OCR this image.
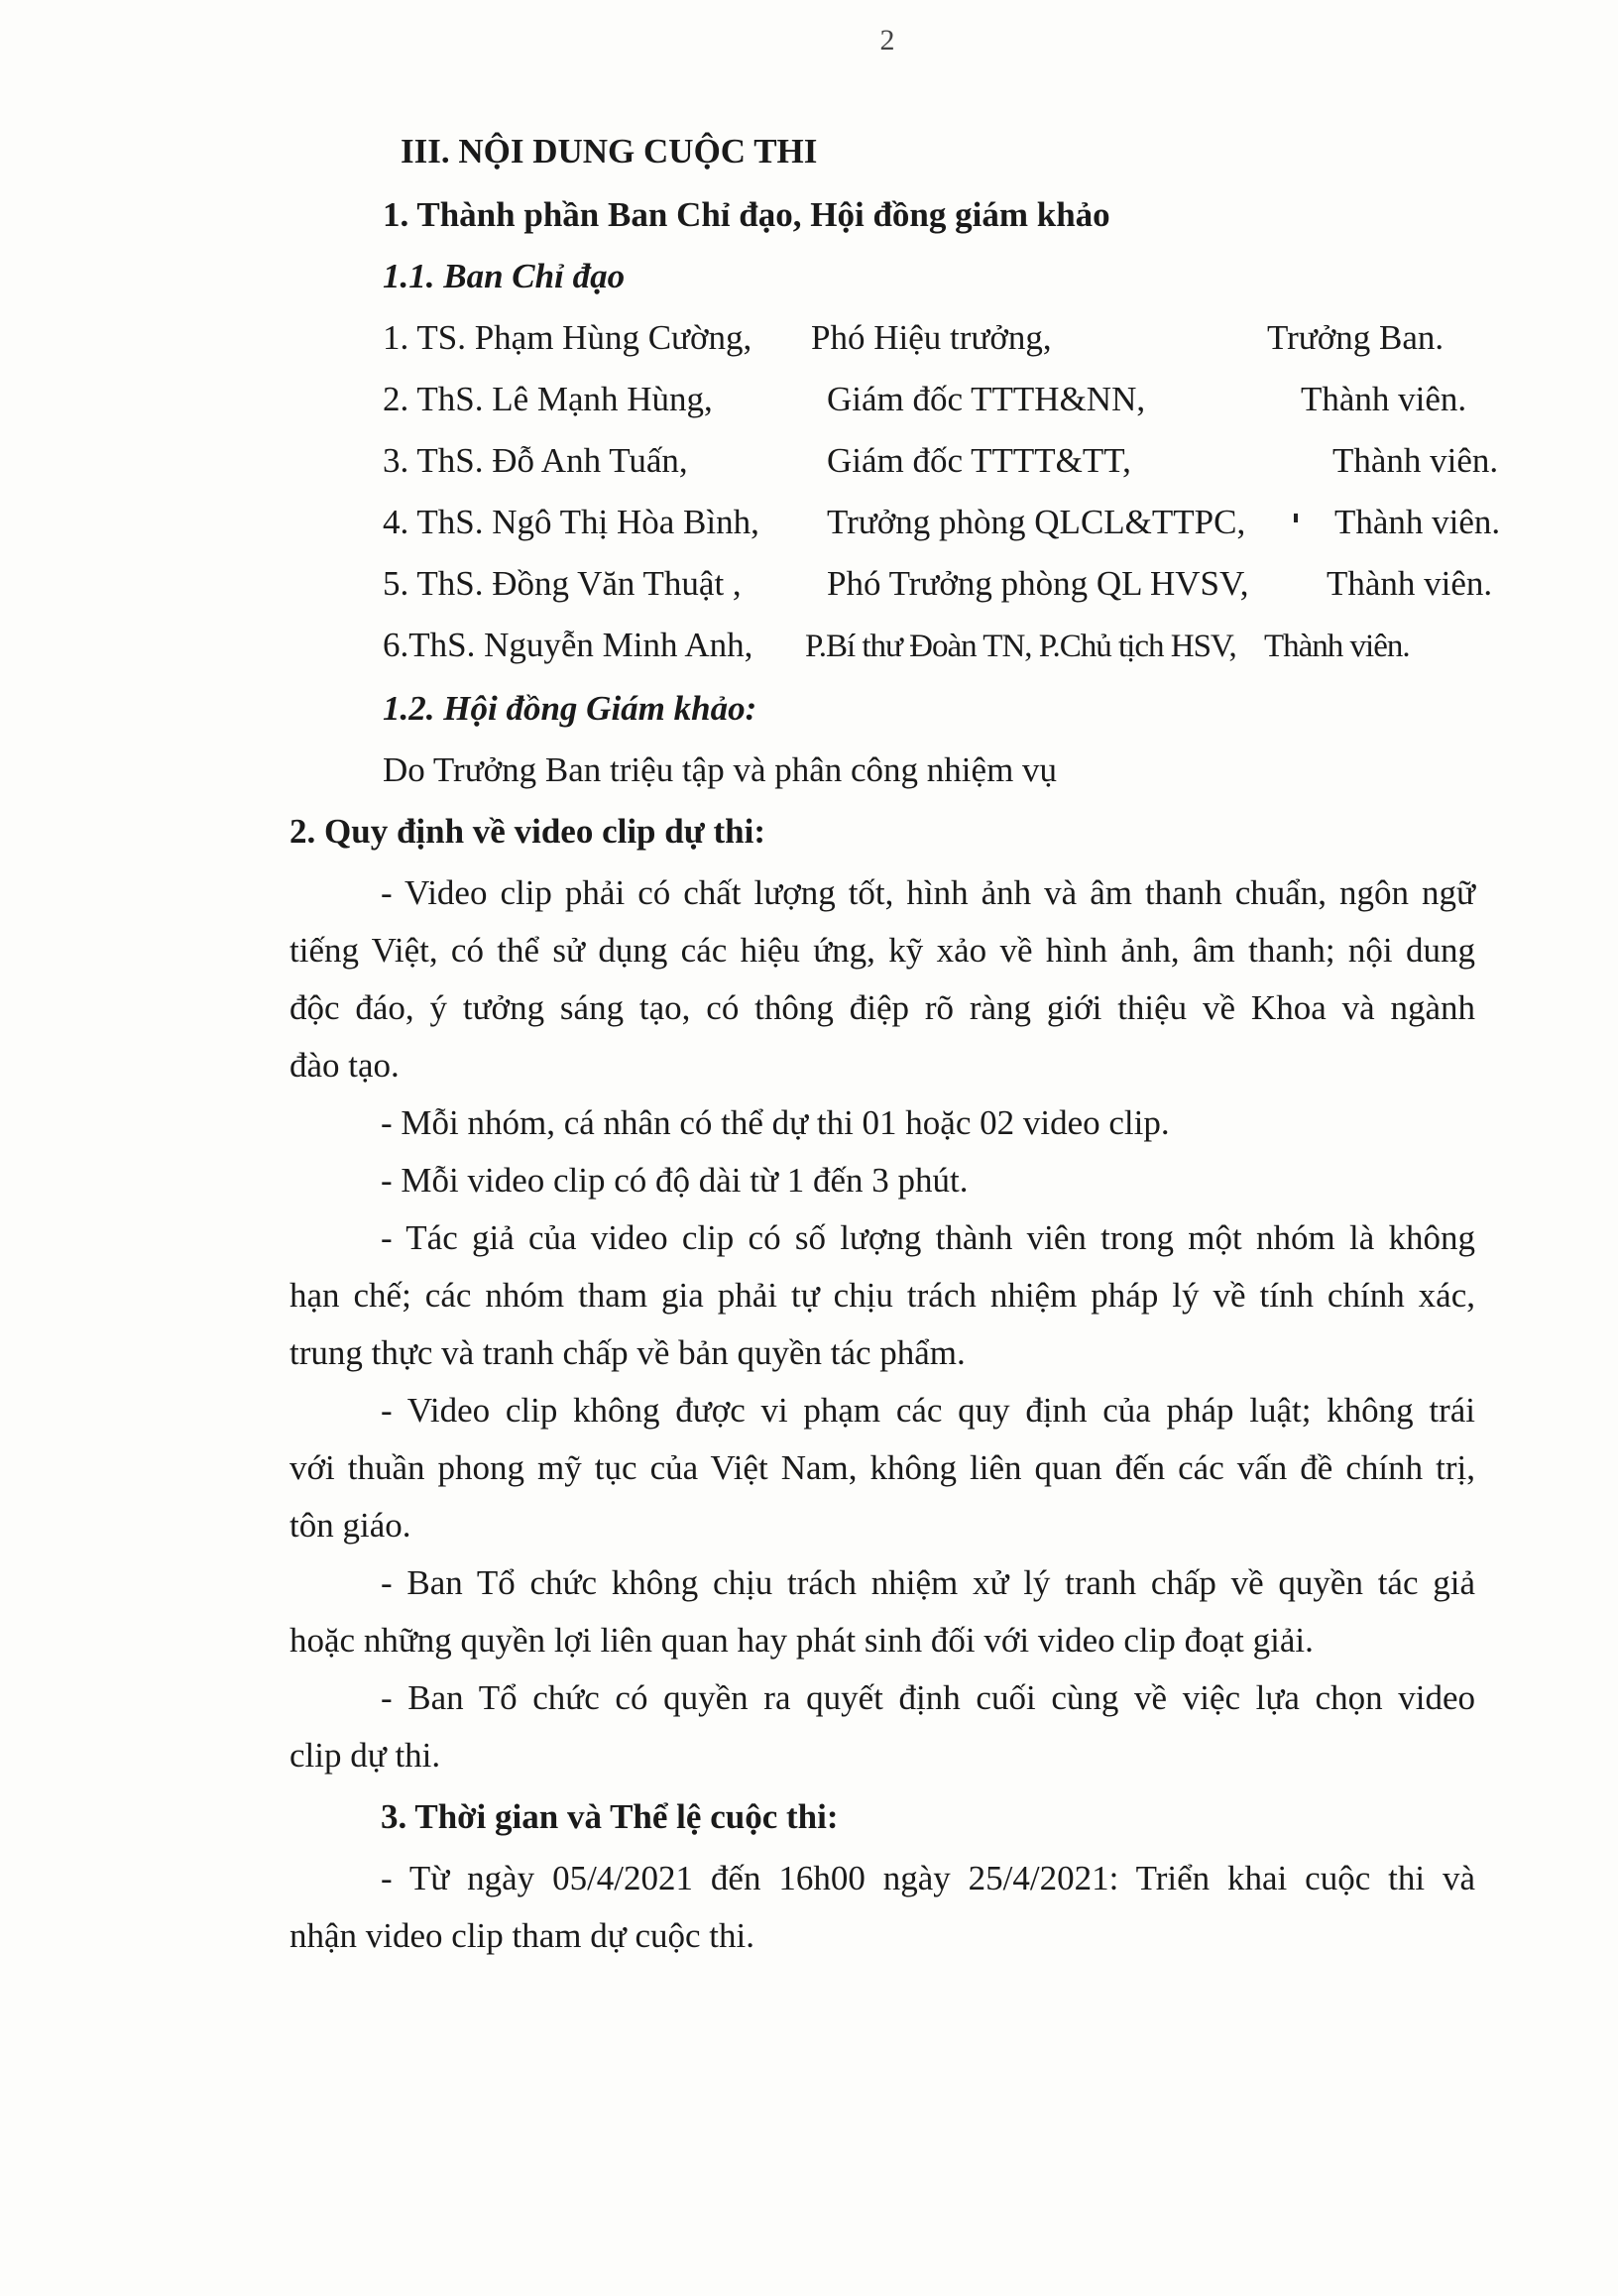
2
III. NỘI DUNG CUỘC THI
1. Thành phần Ban Chỉ đạo, Hội đồng giám khảo
1.1. Ban Chỉ đạo
1. TS. Phạm Hùng Cường, Phó Hiệu trưởng,	Trưởng Ban.
2. ThS. Lê Mạnh Hùng,	Giám đốc TTTH&NN,	Thành viên.
3. ThS. Đỗ Anh Tuấn,	Giám đốc TTTT&TT,	Thành viên.
4. ThS. Ngô Thị Hòa Bình, Trưởng phòng QLCL&TTPC,	Thành viên.
5. ThS. Đồng Văn Thuật , Phó Trưởng phòng QL HVSV, Thành viên.
6.ThS. Nguyễn Minh Anh, P.Bí thư Đoàn TN, P.Chủ tịch HSV, Thành viên.
1.2. Hội đồng Giám khảo:
Do Trưởng Ban triệu tập và phân công nhiệm vụ
2. Quy định về video clip dự thi:
- Video clip phải có chất lượng tốt, hình ảnh và âm thanh chuẩn, ngôn ngữ
tiếng Việt, có thể sử dụng các hiệu ứng, kỹ xảo về hình ảnh, âm thanh; nội dung
độc đáo, ý tưởng sáng tạo, có thông điệp rõ ràng giới thiệu về Khoa và ngành
đào tạo.
- Mỗi nhóm, cá nhân có thể dự thi 01 hoặc 02 video clip.
- Mỗi video clip có độ dài từ 1 đến 3 phút.
- Tác giả của video clip có số lượng thành viên trong một nhóm là không
hạn chế; các nhóm tham gia phải tự chịu trách nhiệm pháp lý về tính chính xác,
trung thực và tranh chấp về bản quyền tác phẩm.
- Video clip không được vi phạm các quy định của pháp luật; không trái
với thuần phong mỹ tục của Việt Nam, không liên quan đến các vấn đề chính trị,
tôn giáo.
- Ban Tổ chức không chịu trách nhiệm xử lý tranh chấp về quyền tác giả
hoặc những quyền lợi liên quan hay phát sinh đối với video clip đoạt giải.
- Ban Tổ chức có quyền ra quyết định cuối cùng về việc lựa chọn video
clip dự thi.
3. Thời gian và Thể lệ cuộc thi:
- Từ ngày 05/4/2021 đến 16h00 ngày 25/4/2021: Triển khai cuộc thi và
nhận video clip tham dự cuộc thi.
